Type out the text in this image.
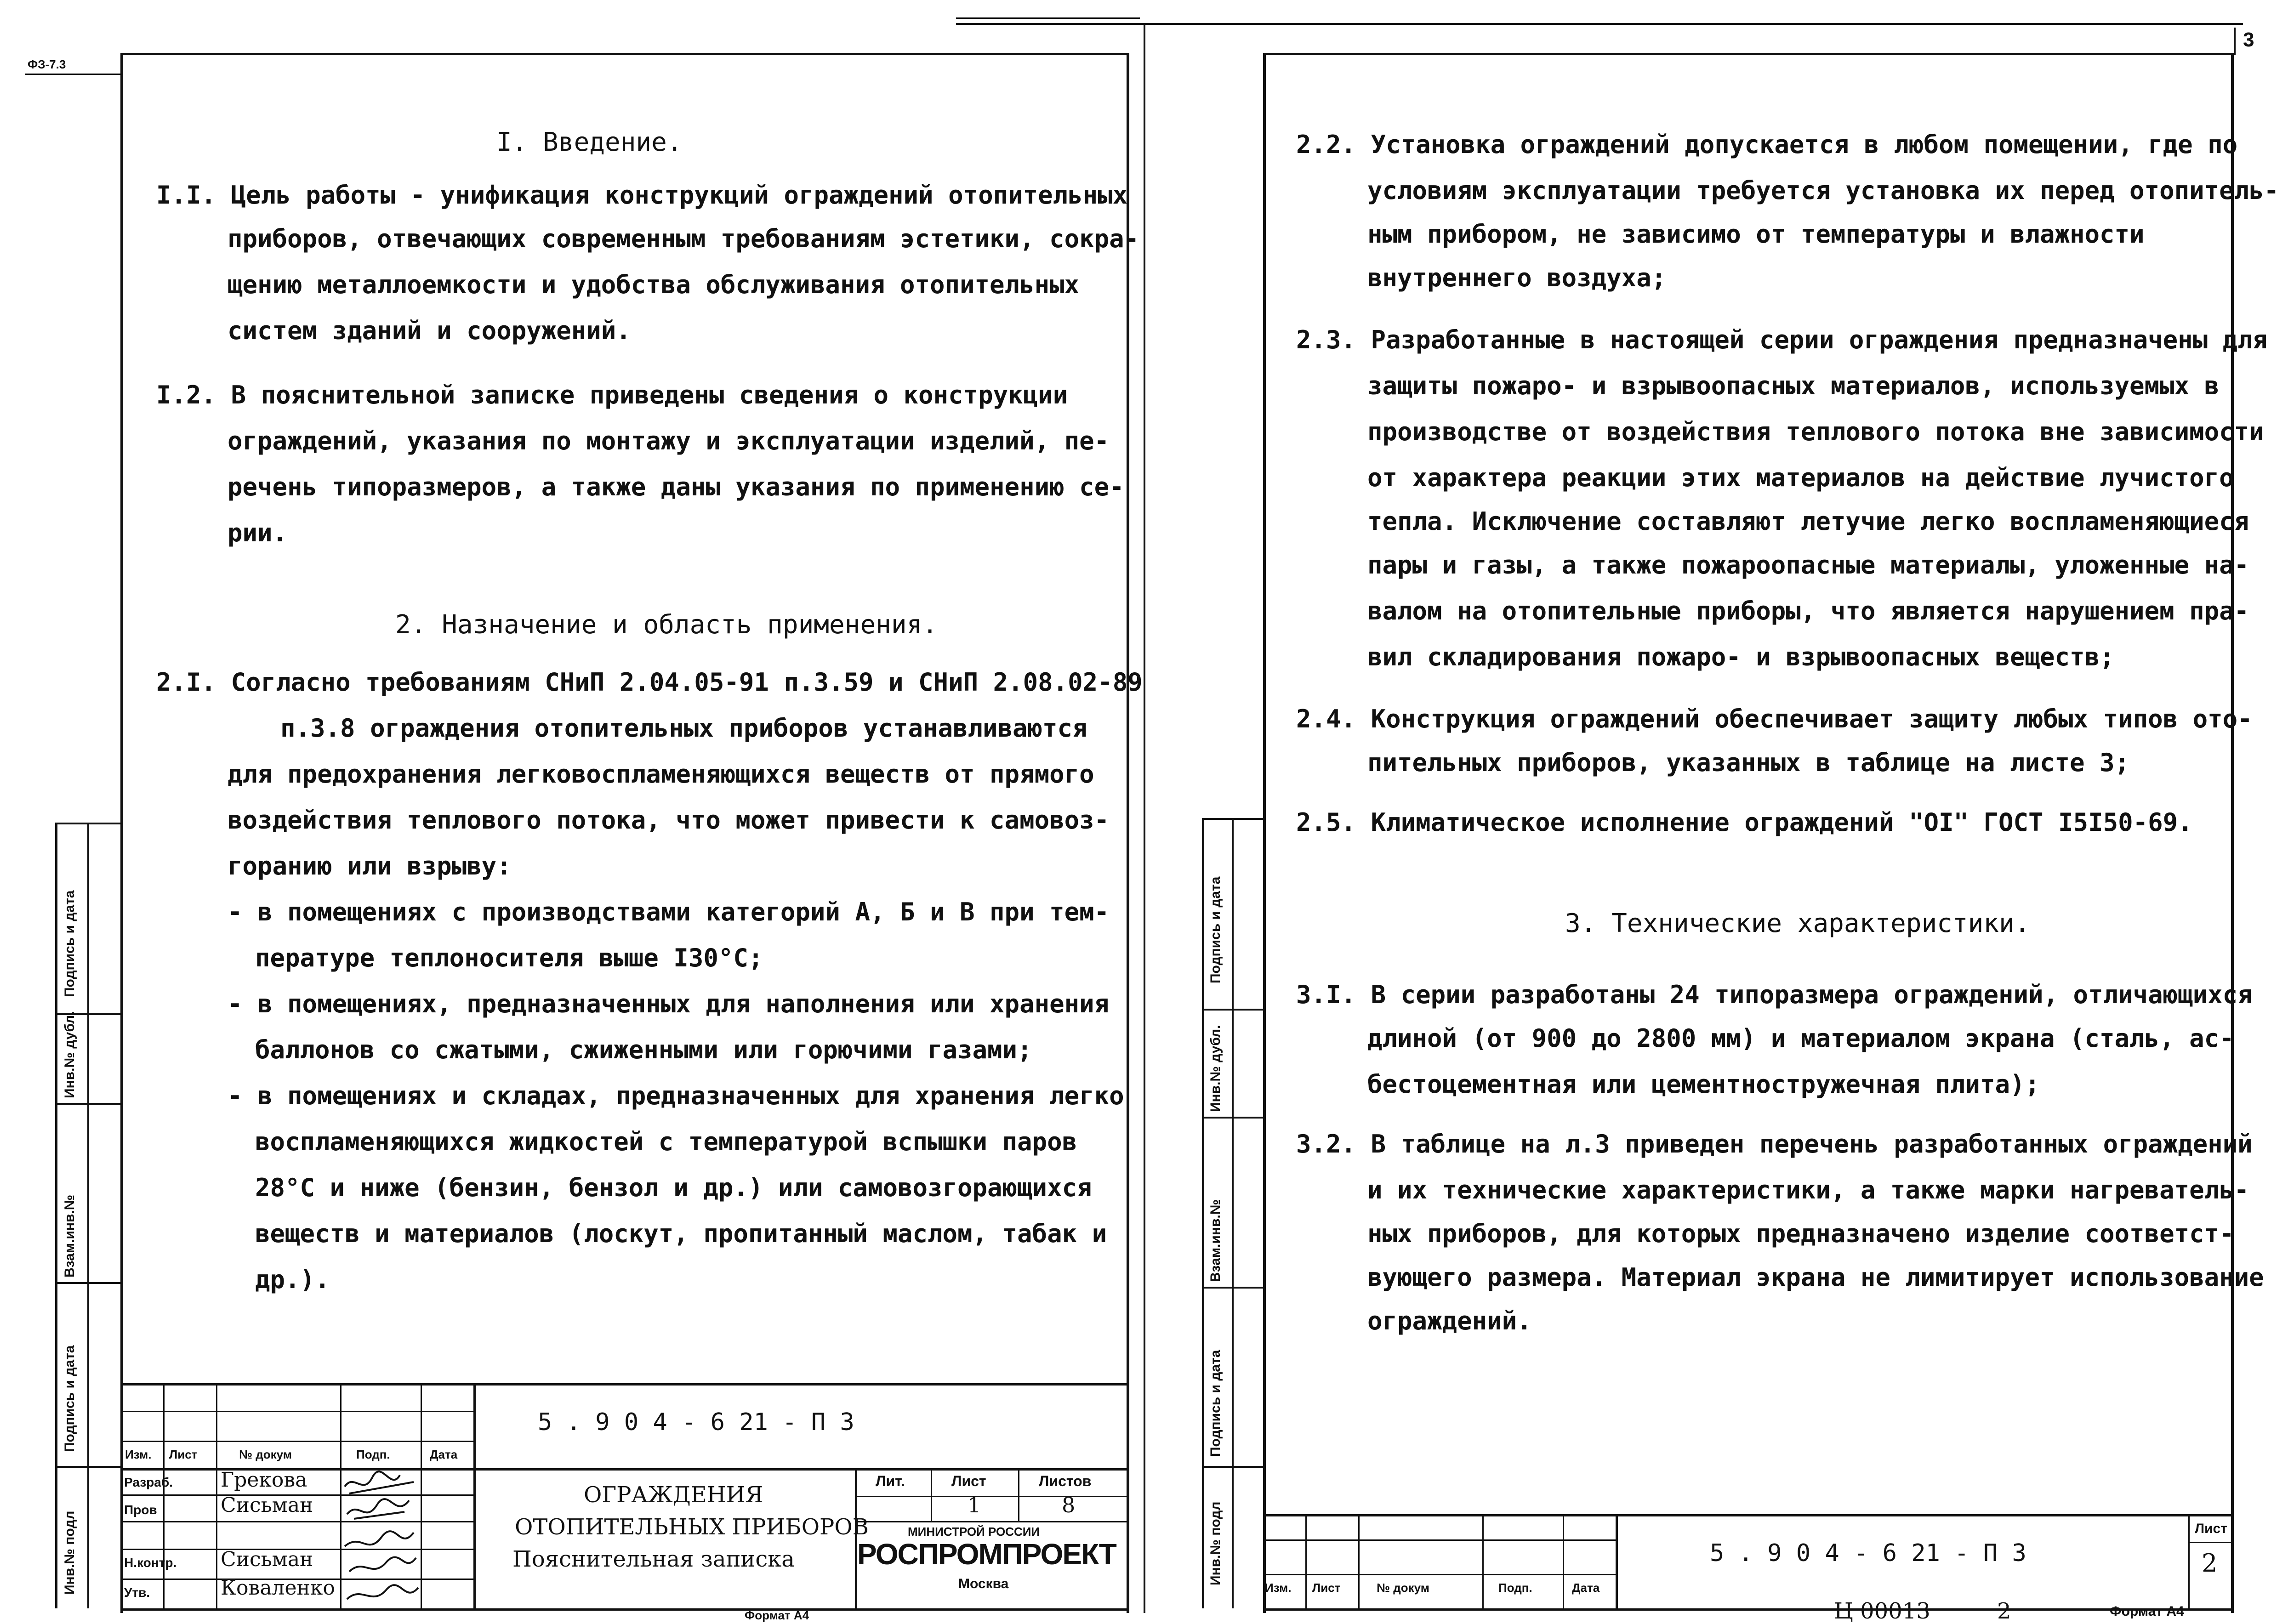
ФЗ-7.3
3
I. Введение.
I.I. Цель работы - унификация конструкций ограждений отопительных
приборов, отвечающих современным требованиям эстетики, сокра-
щению металлоемкости и удобства обслуживания отопительных
систем зданий и сооружений.
I.2. В пояснительной записке приведены сведения о конструкции
ограждений, указания по монтажу и эксплуатации изделий, пе-
речень типоразмеров, а также даны указания по применению се-
рии.
2. Назначение и область применения.
2.I. Согласно требованиям СНиП 2.04.05-91 п.3.59 и СНиП 2.08.02-89
п.3.8 ограждения отопительных приборов устанавливаются
для предохранения легковоспламеняющихся веществ от прямого
воздействия теплового потока, что может привести к самовоз-
горанию или взрыву:
- в помещениях с производствами категорий А, Б и В при тем-
пературе теплоносителя выше I30°С;
- в помещениях, предназначенных для наполнения или хранения
баллонов со сжатыми, сжиженными или горючими газами;
- в помещениях и складах, предназначенных для хранения легко
воспламеняющихся жидкостей с температурой вспышки паров
28°С и ниже (бензин, бензол и др.) или самовозгорающихся
веществ и материалов (лоскут, пропитанный маслом, табак и
др.).
Подпись и дата
Инв.№ дубл.
Взам.инв.№
Подпись и дата
Инв.№ подл
5 . 9 0 4 - 6 21 - П 3
Изм. Лист	№ докум	Подп.	Дата
Разраб. Грекова
Пров	Сисьман
Н.контр. Сисьман
Утв.	Коваленко
ОГРАЖДЕНИЯ
ОТОПИТЕЛЬНЫХ ПРИБОРОВ
Пояснительная записка
Лит.	Лист	Листов
1	8
МИНИСТРОЙ РОССИИ
РОСПРОМПРОЕКТ
Москва
Формат А4
2.2. Установка ограждений допускается в любом помещении, где по
условиям эксплуатации требуется установка их перед отопитель-
ным прибором, не зависимо от температуры и влажности
внутреннего воздуха;
2.3. Разработанные в настоящей серии ограждения предназначены для
защиты пожаро- и взрывоопасных материалов, используемых в
производстве от воздействия теплового потока вне зависимости
от характера реакции этих материалов на действие лучистого
тепла. Исключение составляют летучие легко воспламеняющиеся
пары и газы, а также пожароопасные материалы, уложенные на-
валом на отопительные приборы, что является нарушением пра-
вил складирования пожаро- и взрывоопасных веществ;
2.4. Конструкция ограждений обеспечивает защиту любых типов ото-
пительных приборов, указанных в таблице на листе 3;
2.5. Климатическое исполнение ограждений "OI" ГОСТ I5I50-69.
3. Технические характеристики.
3.I. В серии разработаны 24 типоразмера ограждений, отличающихся
длиной (от 900 до 2800 мм) и материалом экрана (сталь, ас-
бестоцементная или цементностружечная плита);
3.2. В таблице на л.3 приведен перечень разработанных ограждений
и их технические характеристики, а также марки нагреватель-
ных приборов, для которых предназначено изделие соответст-
вующего размера. Материал экрана не лимитирует использование
ограждений.
Подпись и дата
Инв.№ дубл.
Взам.инв.№
Подпись и дата
Инв.№ подл
Изм. Лист	№ докум	Подп.	Дата
5 . 9 0 4 - 6 21 - П 3
Лист
2
Ц 00013	2	Формат А4
